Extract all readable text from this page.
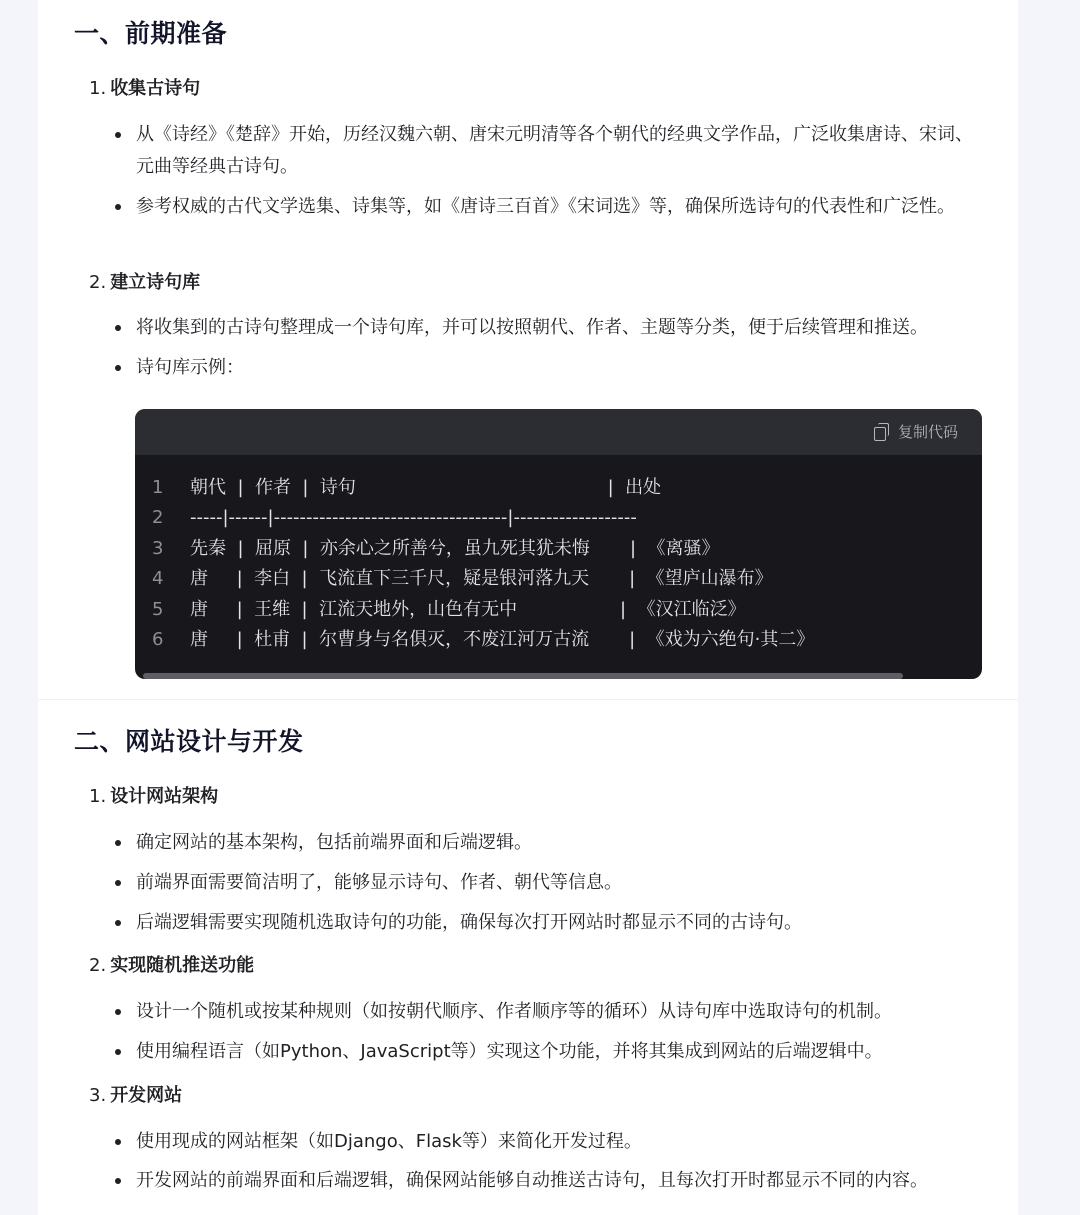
一、前期准备

1. 收集古诗句

从《诗经》《楚辞》开始，历经汉魏六朝、唐宋元明清等各个朝代的经典文学作品，广泛收集唐诗、宋词、元曲等经典古诗句。

参考权威的古代文学选集、诗集等，如《唐诗三百首》《宋词选》等，确保所选诗句的代表性和广泛性。

2. 建立诗句库

将收集到的古诗句整理成一个诗句库，并可以按照朝代、作者、主题等分类，便于后续管理和推送。

诗句库示例：

复制代码
1 朝代  |  作者  |  诗句                                            |  出处
2 -----|------|------------------------------------|-------------------
3 先秦  |  屈原  |  亦余心之所善兮，虽九死其犹未悔       |  《离骚》
4 唐     |  李白  |  飞流直下三千尺，疑是银河落九天       |  《望庐山瀑布》
5 唐     |  王维  |  江流天地外，山色有无中                  |  《汉江临泛》
6 唐     |  杜甫  |  尔曹身与名俱灭，不废江河万古流       |  《戏为六绝句·其二》
二、网站设计与开发

1. 设计网站架构

确定网站的基本架构，包括前端界面和后端逻辑。

前端界面需要简洁明了，能够显示诗句、作者、朝代等信息。

后端逻辑需要实现随机选取诗句的功能，确保每次打开网站时都显示不同的古诗句。

2. 实现随机推送功能

设计一个随机或按某种规则（如按朝代顺序、作者顺序等的循环）从诗句库中选取诗句的机制。

使用编程语言（如Python、JavaScript等）实现这个功能，并将其集成到网站的后端逻辑中。

3. 开发网站

使用现成的网站框架（如Django、Flask等）来简化开发过程。

开发网站的前端界面和后端逻辑，确保网站能够自动推送古诗句，且每次打开时都显示不同的内容。
